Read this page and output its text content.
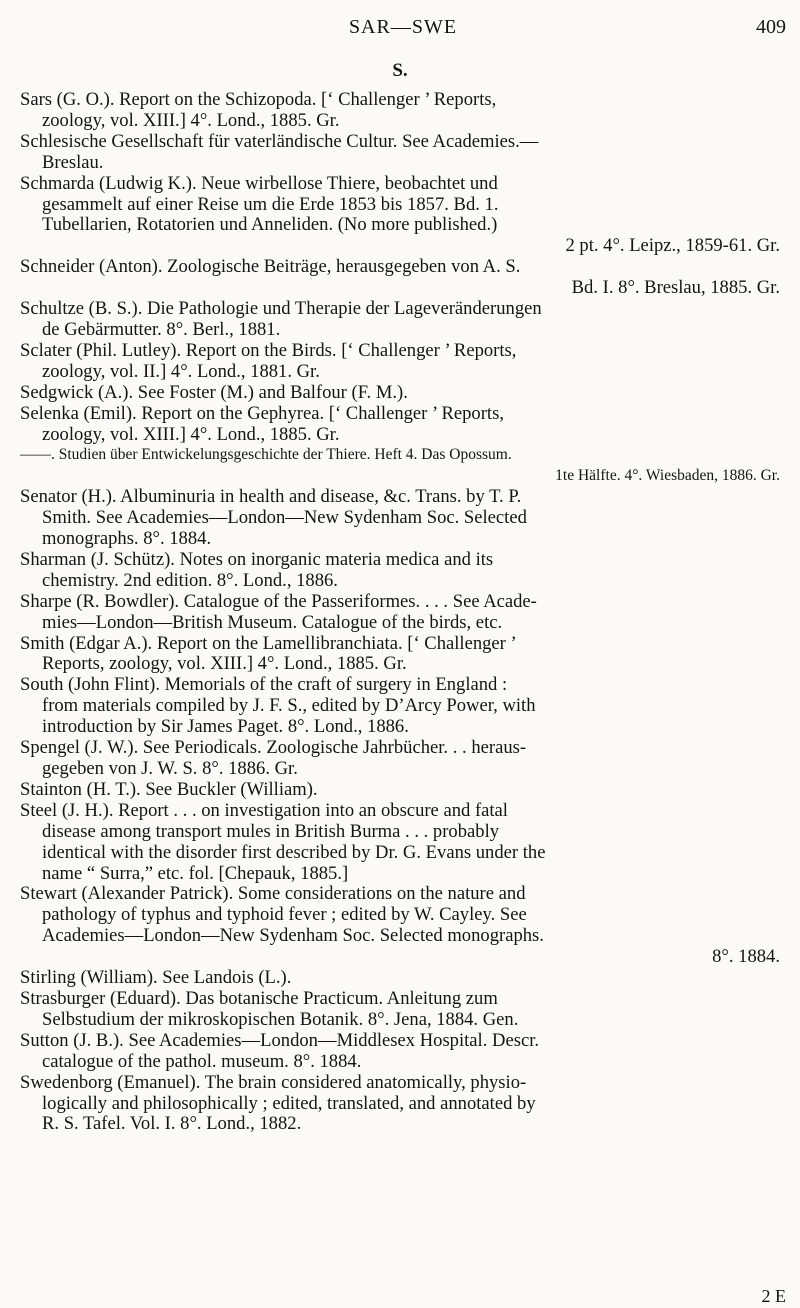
SAR—SWE	409
S.
Sars (G. O.). Report on the Schizopoda. [‘ Challenger ’ Reports,
zoology, vol. XIII.] 4°. Lond., 1885. Gr.
Schlesische Gesellschaft für vaterländische Cultur. See Academies.—
Breslau.
Schmarda (Ludwig K.). Neue wirbellose Thiere, beobachtet und
gesammelt auf einer Reise um die Erde 1853 bis 1857. Bd. 1.
Tubellarien, Rotatorien und Anneliden. (No more published.)
2 pt. 4°. Leipz., 1859-61. Gr.
Schneider (Anton). Zoologische Beiträge, herausgegeben von A. S.
Bd. I. 8°. Breslau, 1885. Gr.
Schultze (B. S.). Die Pathologie und Therapie der Lageveränderungen
de Gebärmutter. 8°. Berl., 1881.
Sclater (Phil. Lutley). Report on the Birds. [‘ Challenger ’ Reports,
zoology, vol. II.] 4°. Lond., 1881. Gr.
Sedgwick (A.). See Foster (M.) and Balfour (F. M.).
Selenka (Emil). Report on the Gephyrea. [‘ Challenger ’ Reports,
zoology, vol. XIII.] 4°. Lond., 1885. Gr.
——. Studien über Entwickelungsgeschichte der Thiere. Heft 4. Das Opossum.
1te Hälfte. 4°. Wiesbaden, 1886. Gr.
Senator (H.). Albuminuria in health and disease, &c. Trans. by T. P.
Smith. See Academies—London—New Sydenham Soc. Selected
monographs. 8°. 1884.
Sharman (J. Schütz). Notes on inorganic materia medica and its
chemistry. 2nd edition. 8°. Lond., 1886.
Sharpe (R. Bowdler). Catalogue of the Passeriformes. . . . See Acade-
mies—London—British Museum. Catalogue of the birds, etc.
Smith (Edgar A.). Report on the Lamellibranchiata. [‘ Challenger ’
Reports, zoology, vol. XIII.] 4°. Lond., 1885. Gr.
South (John Flint). Memorials of the craft of surgery in England :
from materials compiled by J. F. S., edited by D’Arcy Power, with
introduction by Sir James Paget. 8°. Lond., 1886.
Spengel (J. W.). See Periodicals. Zoologische Jahrbücher. . . heraus-
gegeben von J. W. S. 8°. 1886. Gr.
Stainton (H. T.). See Buckler (William).
Steel (J. H.). Report . . . on investigation into an obscure and fatal
disease among transport mules in British Burma . . . probably
identical with the disorder first described by Dr. G. Evans under the
name “ Surra,” etc. fol. [Chepauk, 1885.]
Stewart (Alexander Patrick). Some considerations on the nature and
pathology of typhus and typhoid fever ; edited by W. Cayley. See
Academies—London—New Sydenham Soc. Selected monographs.
8°. 1884.
Stirling (William). See Landois (L.).
Strasburger (Eduard). Das botanische Practicum. Anleitung zum
Selbstudium der mikroskopischen Botanik. 8°. Jena, 1884. Gen.
Sutton (J. B.). See Academies—London—Middlesex Hospital. Descr.
catalogue of the pathol. museum. 8°. 1884.
Swedenborg (Emanuel). The brain considered anatomically, physio-
logically and philosophically ; edited, translated, and annotated by
R. S. Tafel. Vol. I. 8°. Lond., 1882.
2 E
